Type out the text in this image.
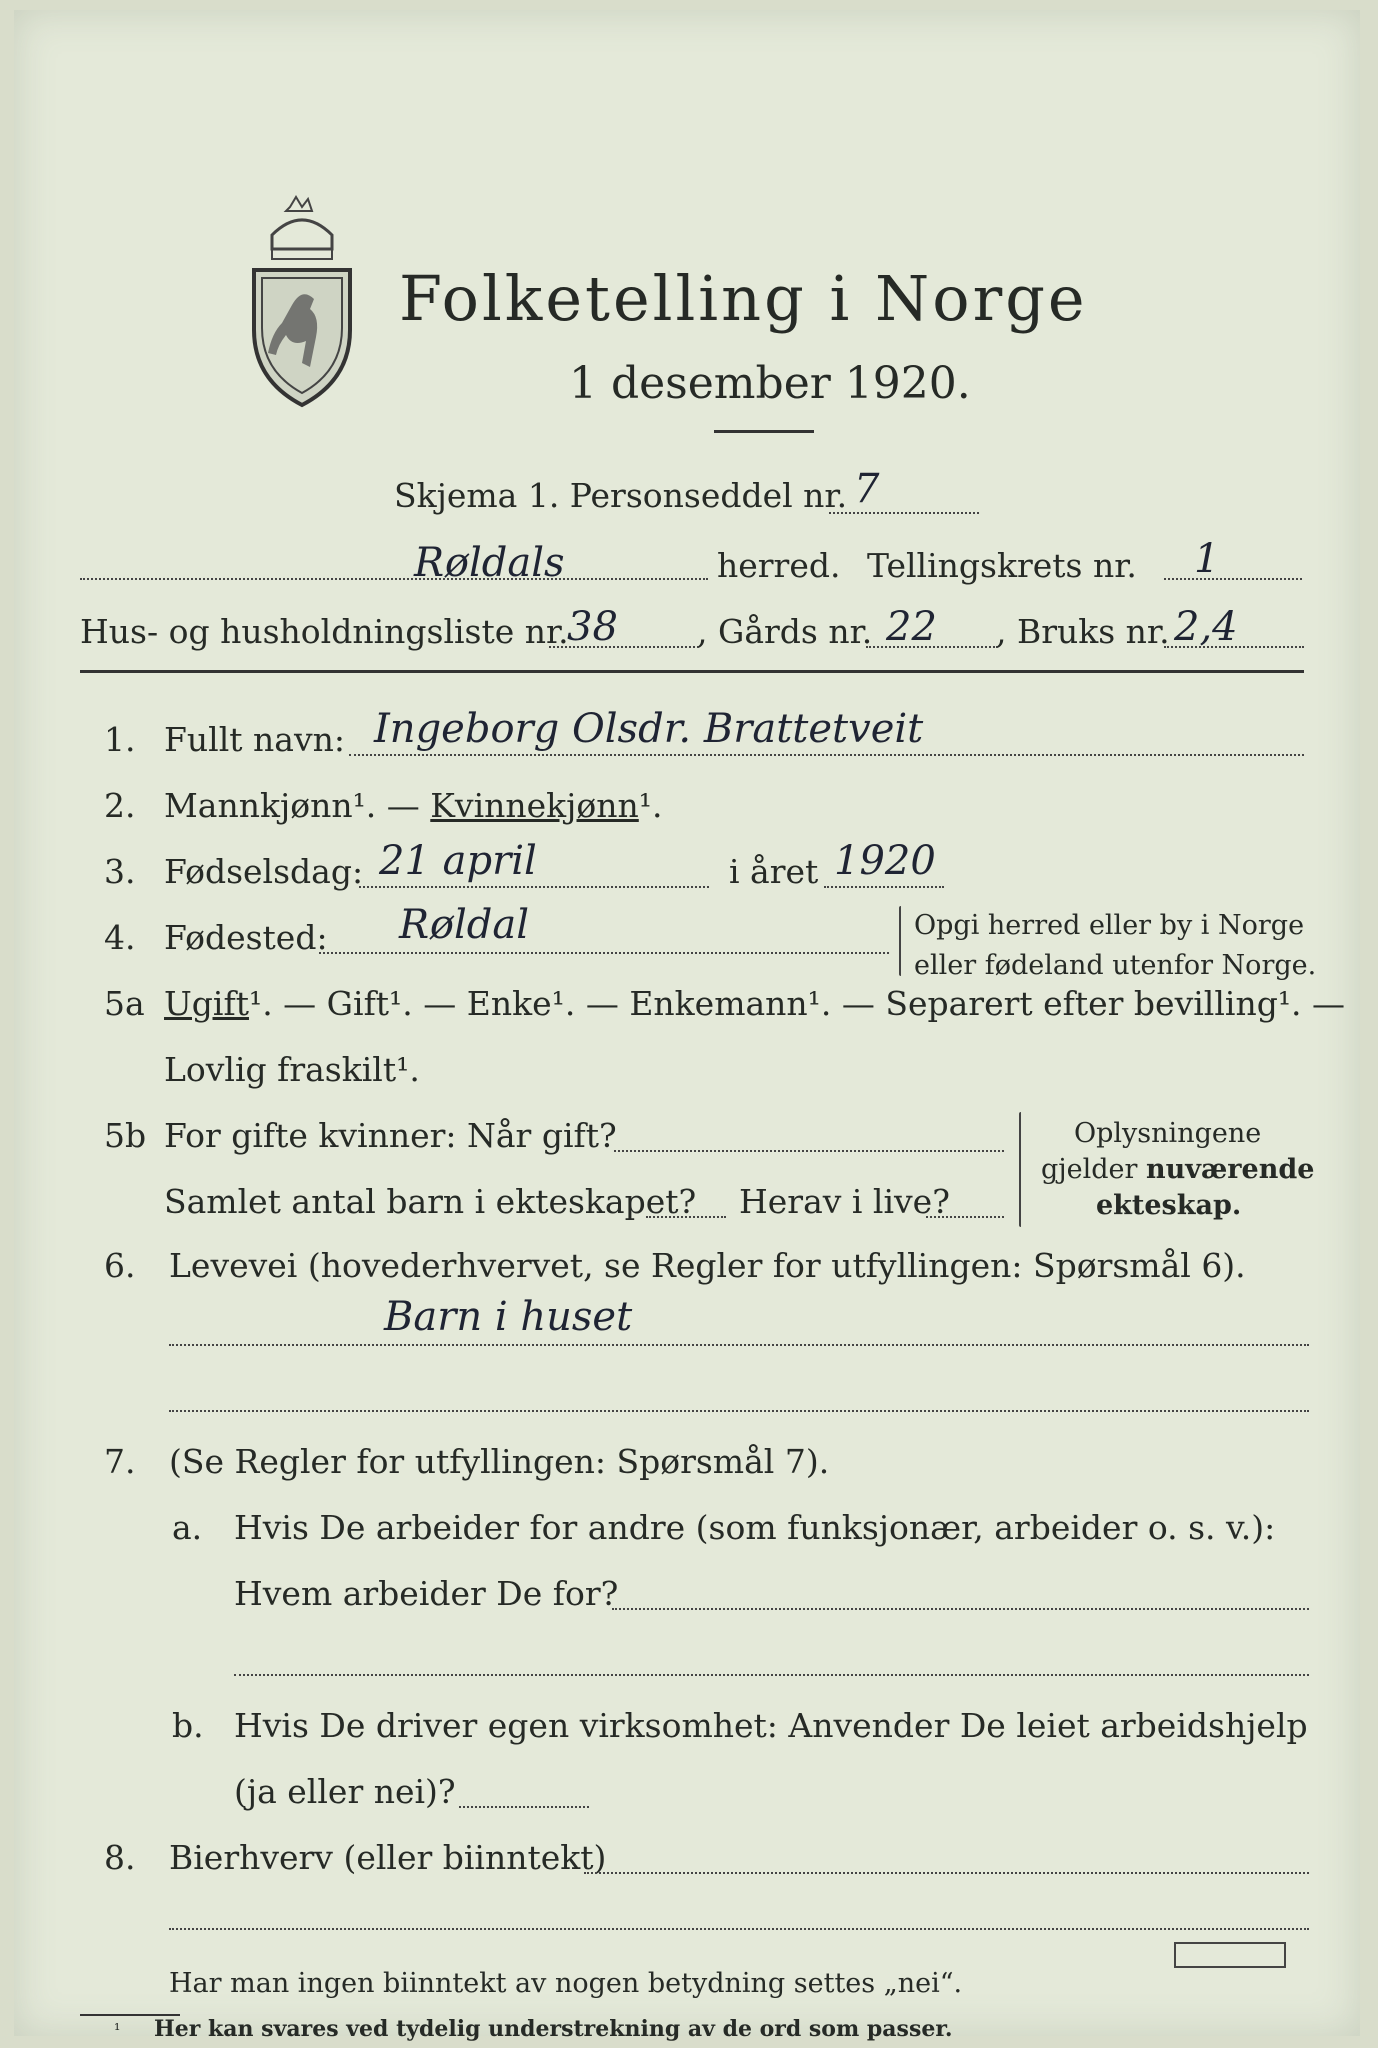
Folketelling i Norge
1 desember 1920.
Skjema 1. Personseddel nr. 7
Røldals	herred. Tellingskrets nr. 1
Hus- og husholdningsliste nr.
38 , Gårds nr. 22 , Bruks nr. 2,4
1. Fullt navn: Ingeborg Olsdr. Brattetveit
2. Mannkjønn¹. — Kvinnekjønn¹.
3. Fødselsdag: 21 april	i året 1920
4. Fødested: Røldal	Opgi herred eller by i Norge
eller fødeland utenfor Norge.
5a Ugift¹. — Gift¹. — Enke¹. — Enkemann¹. — Separert efter bevilling¹. —
Lovlig fraskilt¹.
5b For gifte kvinner: Når gift?
Samlet antal barn i ekteskapet? Herav i live?
Oplysningene
gjelder nuværende
ekteskap.
6. Levevei (hovederhvervet, se Regler for utfyllingen: Spørsmål 6).
Barn i huset
7. (Se Regler for utfyllingen: Spørsmål 7).
a. Hvis De arbeider for andre (som funksjonær, arbeider o. s. v.):
Hvem arbeider De for?
b. Hvis De driver egen virksomhet: Anvender De leiet arbeidshjelp
(ja eller nei)?
8. Bierhverv (eller biinntekt)
Har man ingen biinntekt av nogen betydning settes „nei“.
¹ Her kan svares ved tydelig understrekning av de ord som passer.
